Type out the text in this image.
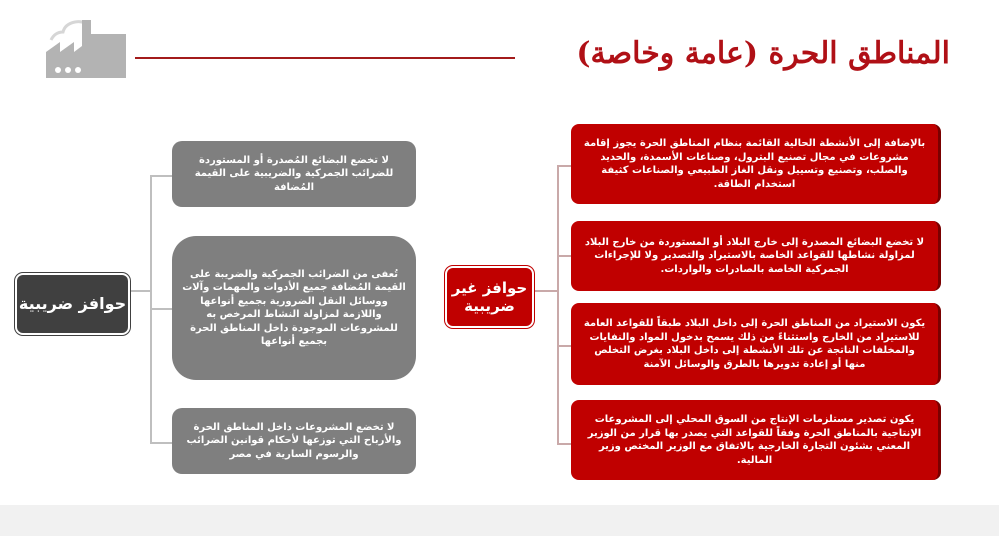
المناطق الحرة (عامة وخاصة)
حوافز ضريبية
لا تخضع البضائع المُصدرة أو المستوردة للضرائب الجمركية والضريبية على القيمة المُضافة
تُعفى من الضرائب الجمركية والضريبة على القيمة المُضافة جميع الأدوات والمهمات وآلات ووسائل النقل الضرورية بجميع أنواعها واللازمة لمزاولة النشاط المرخص به للمشروعات الموجودة داخل المناطق الحرة بجميع أنواعها
لا تخضع المشروعات داخل المناطق الحرة والأرباح التي توزعها لأحكام قوانين الضرائب والرسوم السارية في مصر
حوافز غير ضريبية
بالإضافة إلى الأنشطة الحالية القائمة بنظام المناطق الحرة يجوز إقامة مشروعات في مجال تصنيع البترول، وصناعات الأسمدة، والحديد والصلب، وتصنيع وتسييل ونقل الغاز الطبيعي والصناعات كثيفة استخدام الطاقة.
لا تخضع البضائع المصدرة إلى خارج البلاد أو المستوردة من خارج البلاد لمزاولة نشاطها للقواعد الخاصة بالاستيراد والتصدير ولا للإجراءات الجمركية الخاصة بالصادرات والواردات.
يكون الاستيراد من المناطق الحرة إلى داخل البلاد طبقاً للقواعد العامة للاستيراد من الخارج واستثناءً من ذلك يسمح بدخول المواد والنفايات والمخلفات الناتجة عن تلك الأنشطة إلى داخل البلاد بغرض التخلص منها أو إعادة تدويرها بالطرق والوسائل الآمنة
يكون تصدير مستلزمات الإنتاج من السوق المحلي إلى المشروعات الإنتاجية بالمناطق الحرة وفقاً للقواعد التي يصدر بها قرار من الوزير المعني بشئون التجارة الخارجية بالاتفاق مع الوزير المختص وزير المالية.
